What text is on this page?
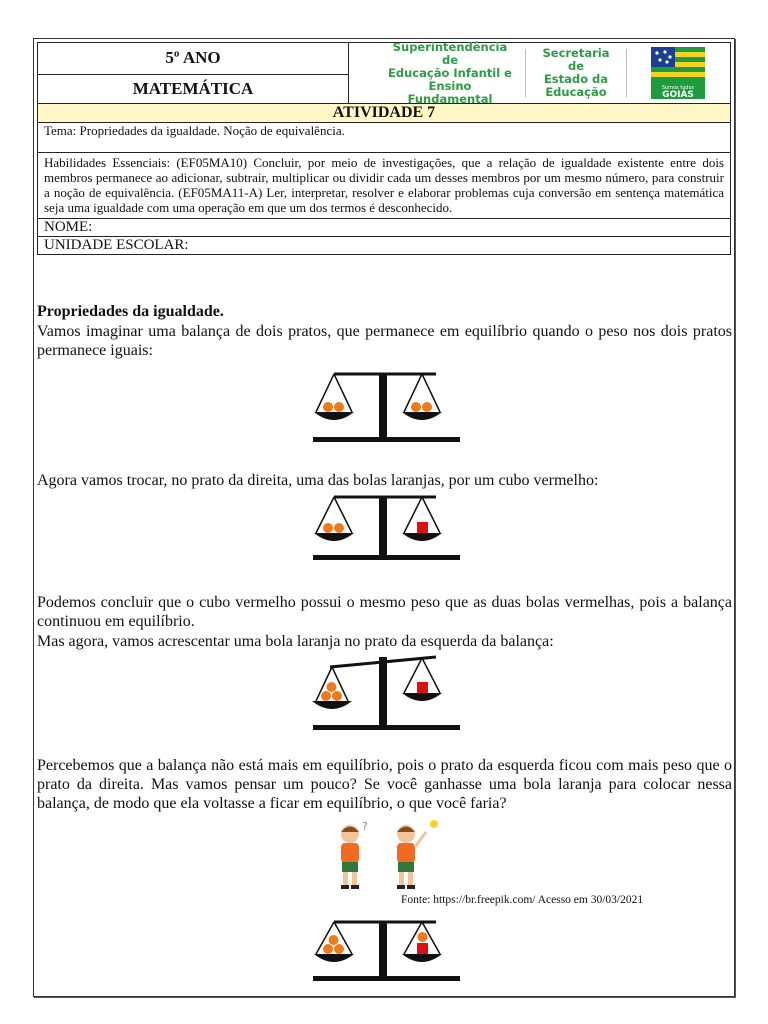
5º ANO	
Superintendência de
Educação Infantil e
Ensino Fundamental
Secretaria de
Estado da
Educação	Somos todos
GOIÁS

MATEMÁTICA
ATIVIDADE 7
Tema: Propriedades da igualdade. Noção de equivalência.
Habilidades Essenciais: (EF05MA10) Concluir, por meio de investigações, que a relação de igualdade existente entre dois membros permanece ao adicionar, subtrair, multiplicar ou dividir cada um desses membros por um mesmo número, para construir a noção de equivalência. (EF05MA11-A) Ler, interpretar, resolver e elaborar problemas cuja conversão em sentença matemática seja uma igualdade com uma operação em que um dos termos é desconhecido.
NOME:
UNIDADE ESCOLAR:
Propriedades da igualdade.
Vamos imaginar uma balança de dois pratos, que permanece em equilíbrio quando o peso nos dois pratos permanece iguais:
Agora vamos trocar, no prato da direita, uma das bolas laranjas, por um cubo vermelho:
Podemos concluir que o cubo vermelho possui o mesmo peso que as duas bolas vermelhas, pois a balança continuou em equilíbrio.
Mas agora, vamos acrescentar uma bola laranja no prato da esquerda da balança:
Percebemos que a balança não está mais em equilíbrio, pois o prato da esquerda ficou com mais peso que o prato da direita. Mas vamos pensar um pouco? Se você ganhasse uma bola laranja para colocar nessa balança, de modo que ela voltasse a ficar em equilíbrio, o que você faria?
?
Fonte: https://br.freepik.com/ Acesso em 30/03/2021
